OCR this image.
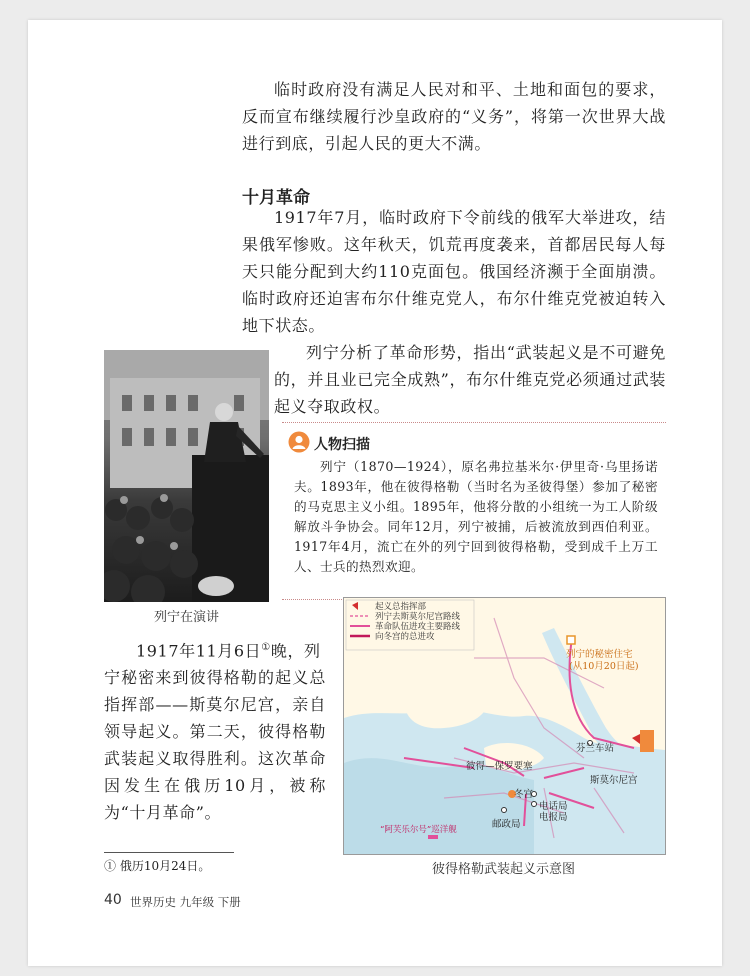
临时政府没有满足人民对和平、土地和面包的要求，反而宣布继续履行沙皇政府的“义务”，将第一次世界大战进行到底，引起人民的更大不满。

十月革命

1917年7月，临时政府下令前线的俄军大举进攻，结果俄军惨败。这年秋天，饥荒再度袭来，首都居民每人每天只能分配到大约110克面包。俄国经济濒于全面崩溃。临时政府还迫害布尔什维克党人，布尔什维克党被迫转入地下状态。

列宁分析了革命形势，指出“武装起义是不可避免的，并且业已完全成熟”，布尔什维克党必须通过武装起义夺取政权。

列宁在演讲
人物扫描

列宁（1870—1924），原名弗拉基米尔·伊里奇·乌里扬诺夫。1893年，他在彼得格勒（当时名为圣彼得堡）参加了秘密的马克思主义小组。1895年，他将分散的小组统一为工人阶级解放斗争协会。同年12月，列宁被捕，后被流放到西伯利亚。1917年4月，流亡在外的列宁回到彼得格勒，受到成千上万工人、士兵的热烈欢迎。

1917年11月6日①晚，列
宁秘密来到彼得格勒的起义总指挥部——斯莫尔尼宫，亲自领导起义。第二天，彼得格勒武装起义取得胜利。这次革命因发生在俄历10月，被称为“十月革命”。
起义总指挥部
列宁去斯莫尔尼宫路线
革命队伍进攻主要路线
向冬宫的总进攻
列宁的秘密住宅
(从10月20日起)
芬兰车站
彼得—保罗要塞
斯莫尔尼宫
冬宫
电话局
电报局
邮政局
“阿芙乐尔号”巡洋舰
彼得格勒武装起义示意图
① 俄历10月24日。
40 世界历史 九年级 下册
